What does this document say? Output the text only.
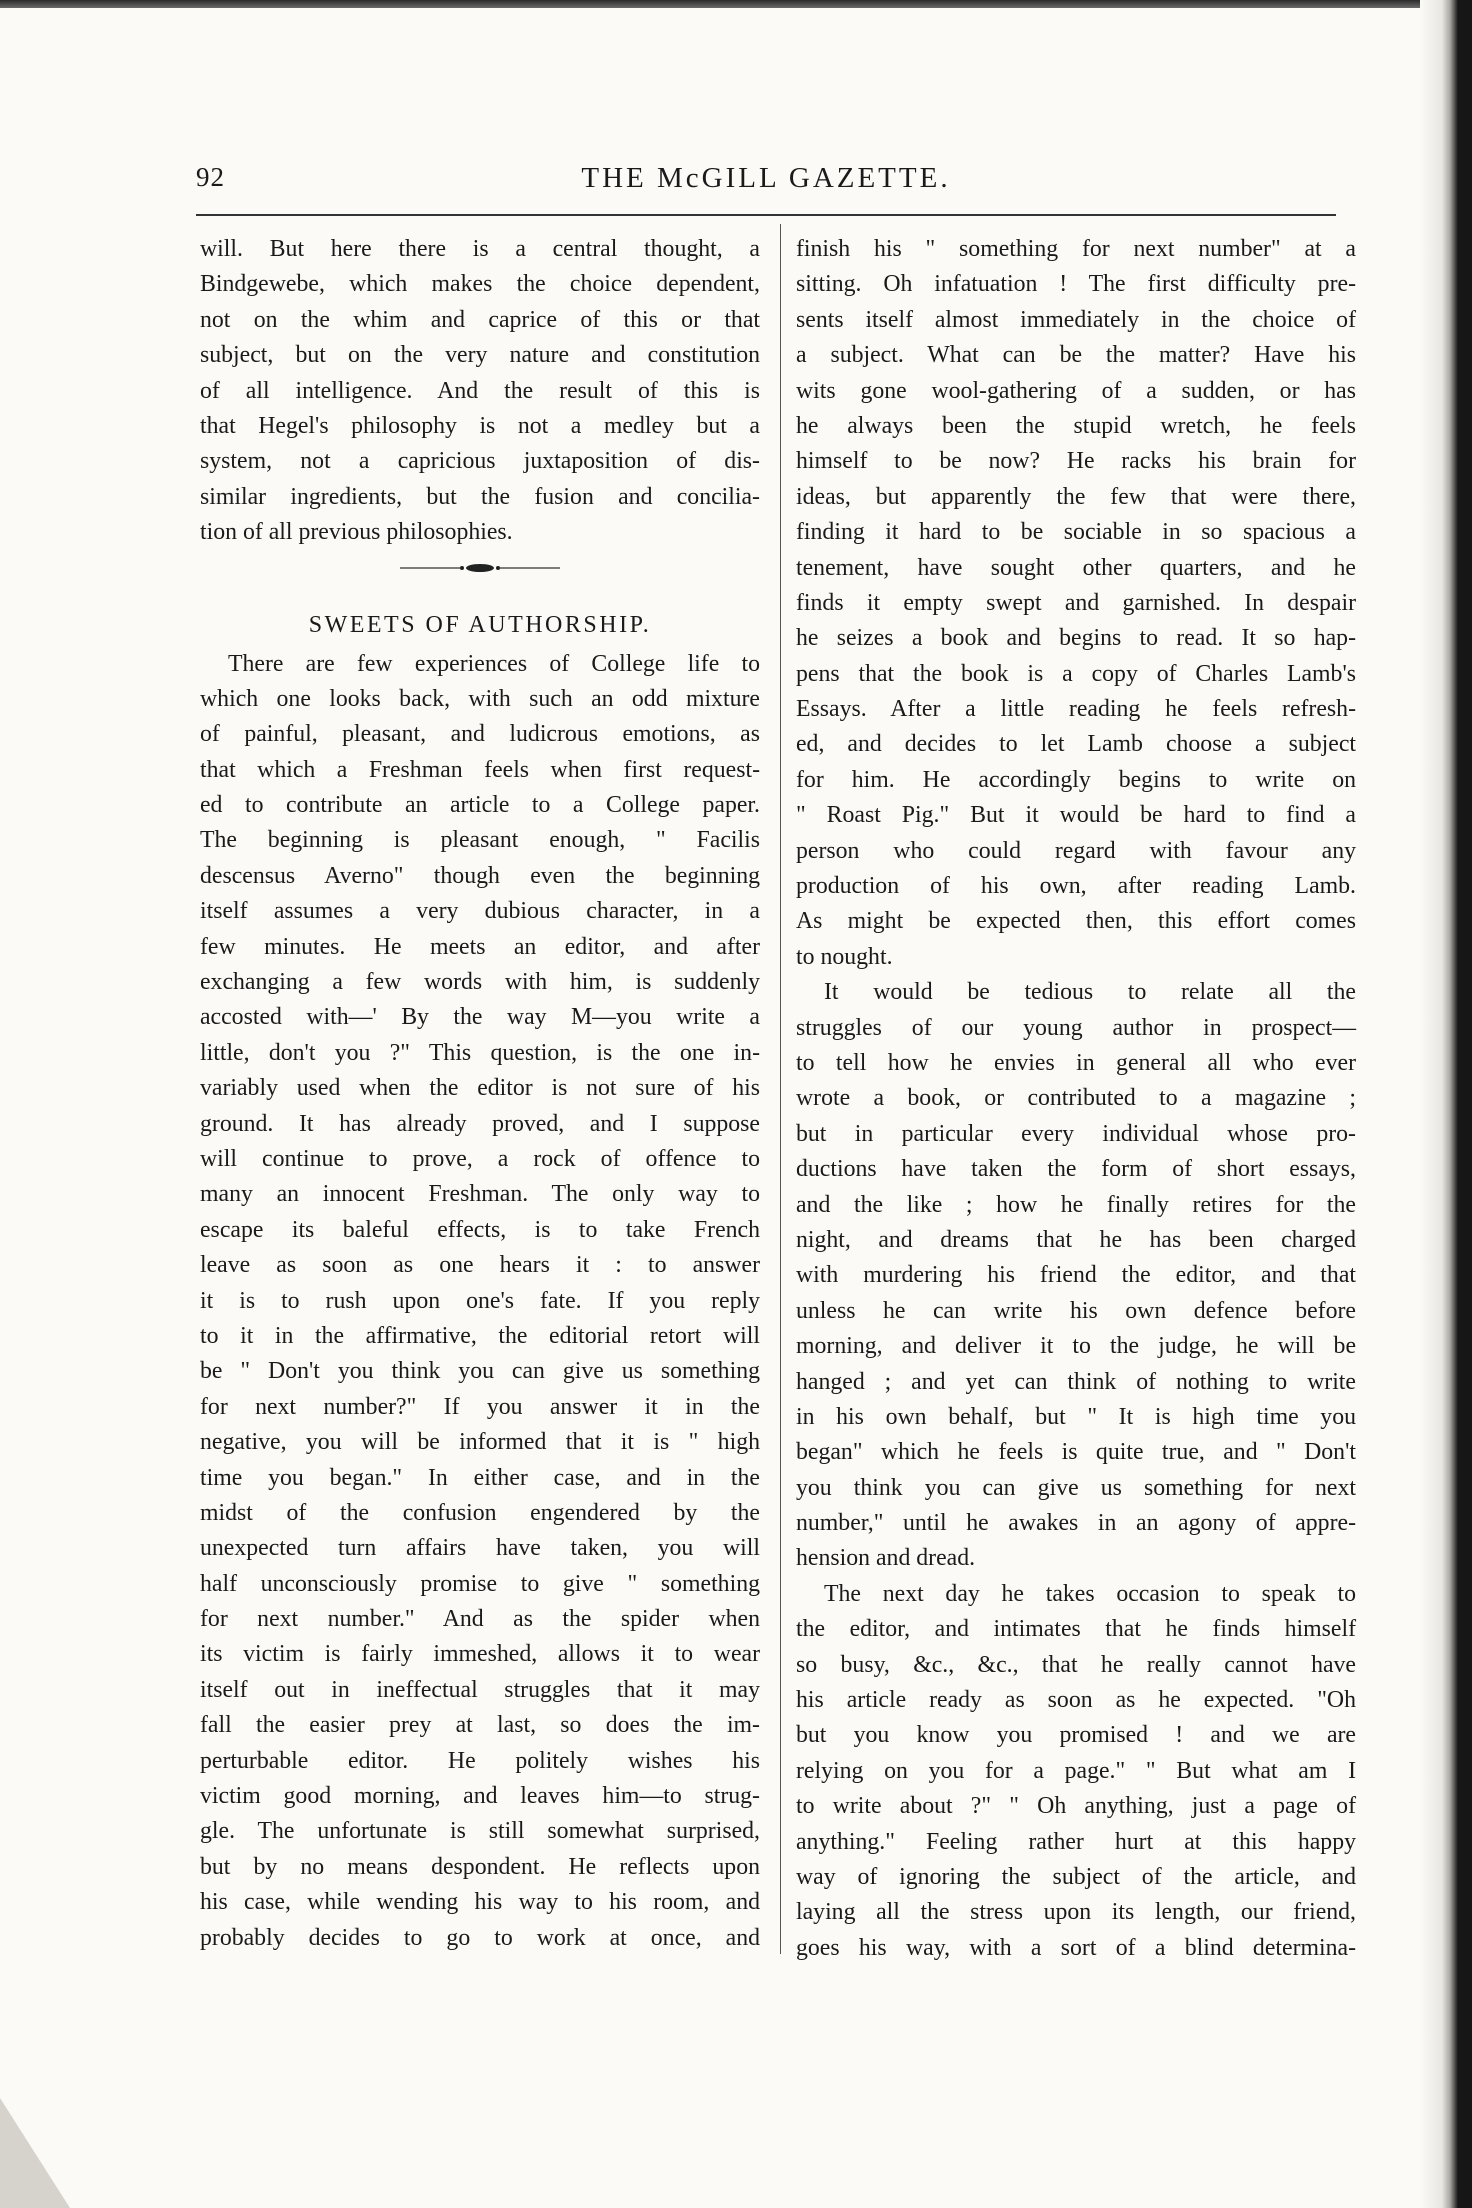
92	THE McGILL GAZETTE.
will. But here there is a central thought, a
Bindgewebe, which makes the choice dependent,
not on the whim and caprice of this or that
subject, but on the very nature and constitution
of all intelligence. And the result of this is
that Hegel's philosophy is not a medley but a
system, not a capricious juxtaposition of dis-
similar ingredients, but the fusion and concilia-
tion of all previous philosophies.
SWEETS OF AUTHORSHIP.
There are few experiences of College life to
which one looks back, with such an odd mixture
of painful, pleasant, and ludicrous emotions, as
that which a Freshman feels when first request-
ed to contribute an article to a College paper.
The beginning is pleasant enough, " Facilis
descensus Averno" though even the beginning
itself assumes a very dubious character, in a
few minutes. He meets an editor, and after
exchanging a few words with him, is suddenly
accosted with—' By the way M—you write a
little, don't you ?" This question, is the one in-
variably used when the editor is not sure of his
ground. It has already proved, and I suppose
will continue to prove, a rock of offence to
many an innocent Freshman. The only way to
escape its baleful effects, is to take French
leave as soon as one hears it : to answer
it is to rush upon one's fate. If you reply
to it in the affirmative, the editorial retort will
be " Don't you think you can give us something
for next number?" If you answer it in the
negative, you will be informed that it is " high
time you began." In either case, and in the
midst of the confusion engendered by the
unexpected turn affairs have taken, you will
half unconsciously promise to give " something
for next number." And as the spider when
its victim is fairly immeshed, allows it to wear
itself out in ineffectual struggles that it may
fall the easier prey at last, so does the im-
perturbable editor. He politely wishes his
victim good morning, and leaves him—to strug-
gle. The unfortunate is still somewhat surprised,
but by no means despondent. He reflects upon
his case, while wending his way to his room, and
probably decides to go to work at once, and
finish his " something for next number" at a
sitting. Oh infatuation ! The first difficulty pre-
sents itself almost immediately in the choice of
a subject. What can be the matter? Have his
wits gone wool-gathering of a sudden, or has
he always been the stupid wretch, he feels
himself to be now? He racks his brain for
ideas, but apparently the few that were there,
finding it hard to be sociable in so spacious a
tenement, have sought other quarters, and he
finds it empty swept and garnished. In despair
he seizes a book and begins to read. It so hap-
pens that the book is a copy of Charles Lamb's
Essays. After a little reading he feels refresh-
ed, and decides to let Lamb choose a subject
for him. He accordingly begins to write on
" Roast Pig." But it would be hard to find a
person who could regard with favour any
production of his own, after reading Lamb.
As might be expected then, this effort comes
to nought.
It would be tedious to relate all the
struggles of our young author in prospect—
to tell how he envies in general all who ever
wrote a book, or contributed to a magazine ;
but in particular every individual whose pro-
ductions have taken the form of short essays,
and the like ; how he finally retires for the
night, and dreams that he has been charged
with murdering his friend the editor, and that
unless he can write his own defence before
morning, and deliver it to the judge, he will be
hanged ; and yet can think of nothing to write
in his own behalf, but " It is high time you
began" which he feels is quite true, and " Don't
you think you can give us something for next
number," until he awakes in an agony of appre-
hension and dread.
The next day he takes occasion to speak to
the editor, and intimates that he finds himself
so busy, &c., &c., that he really cannot have
his article ready as soon as he expected. "Oh
but you know you promised ! and we are
relying on you for a page." " But what am I
to write about ?" " Oh anything, just a page of
anything." Feeling rather hurt at this happy
way of ignoring the subject of the article, and
laying all the stress upon its length, our friend,
goes his way, with a sort of a blind determina-
